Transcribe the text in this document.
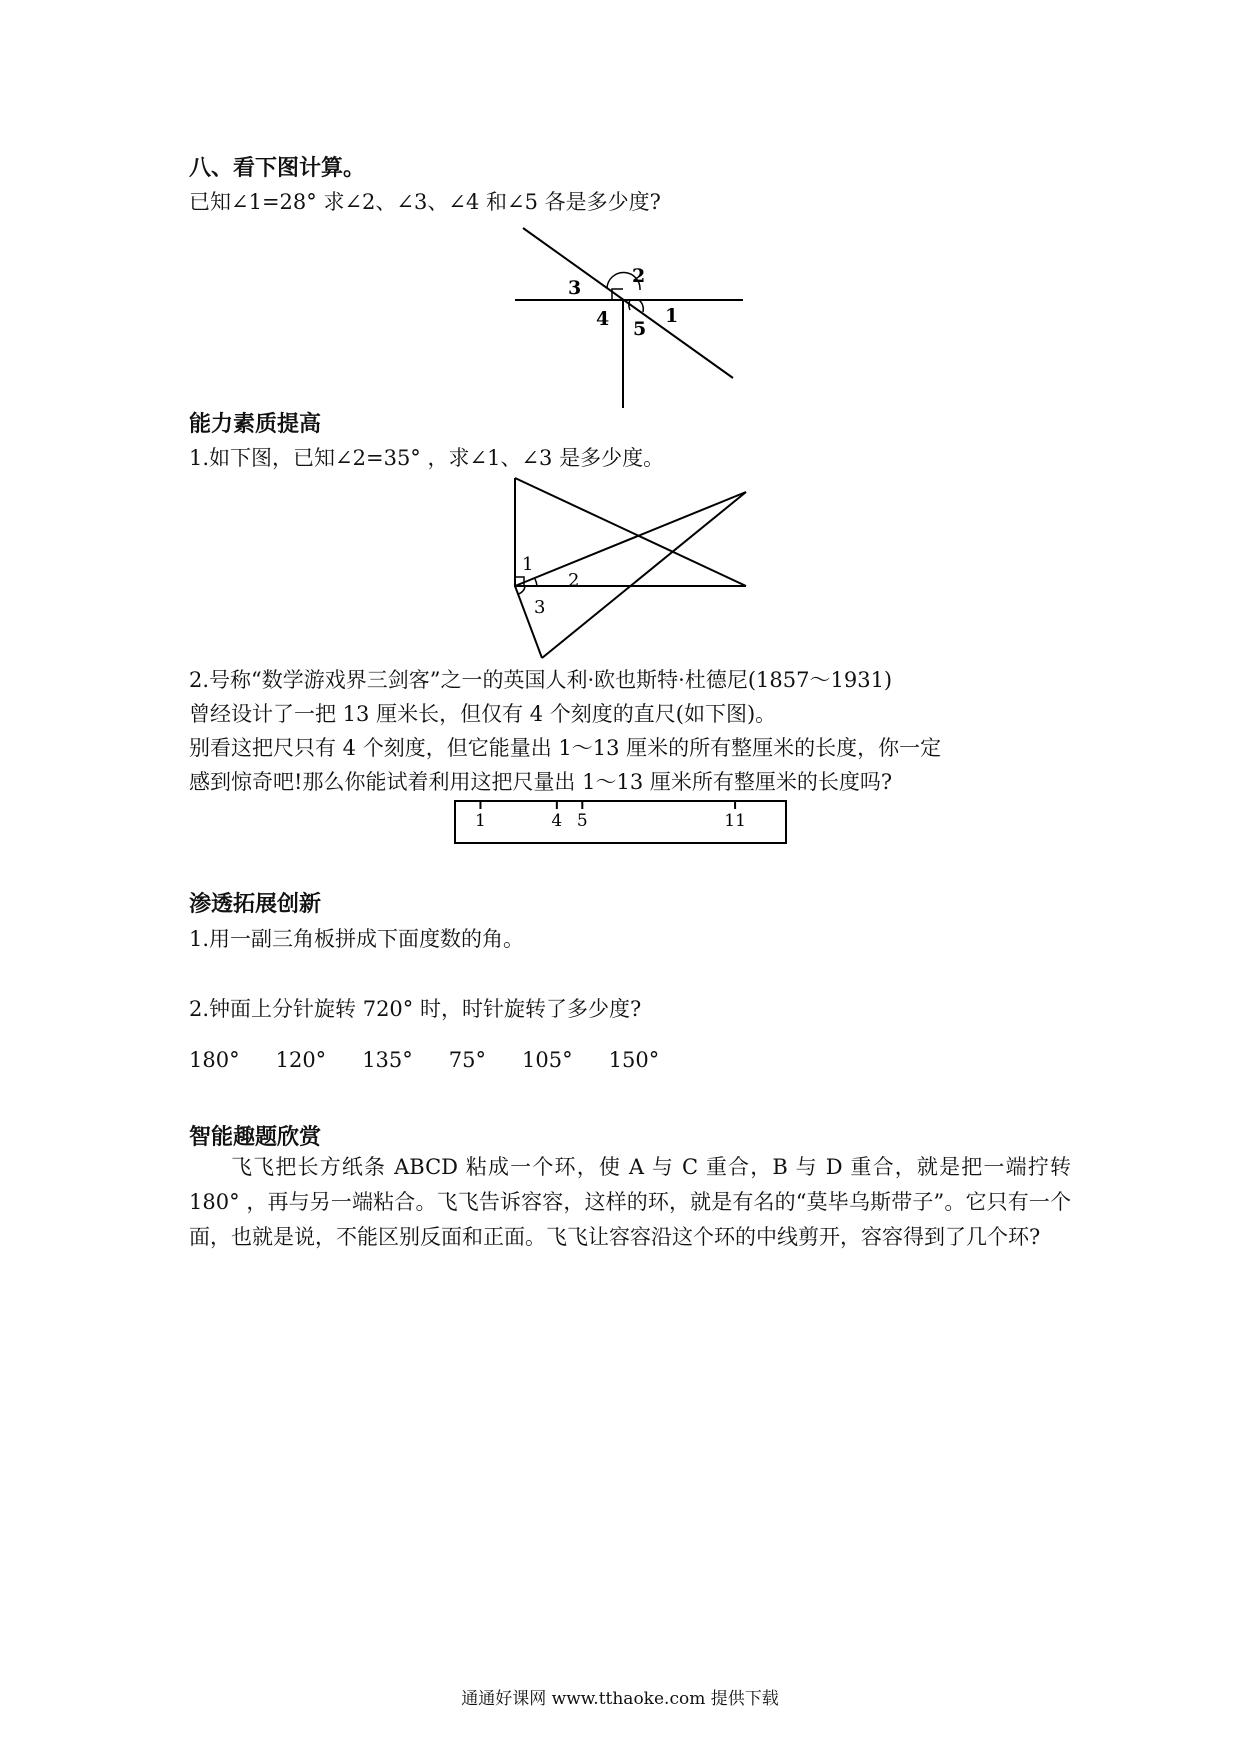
八、看下图计算。
已知∠1=28° 求∠2、∠3、∠4 和∠5 各是多少度?
3
2
4 5
1
能力素质提高
1.如下图，已知∠2=35° ，求∠1、∠3 是多少度。
1
2
3
2.号称“数学游戏界三剑客”之一的英国人利·欧也斯特·杜德尼(1857～1931)
曾经设计了一把 13 厘米长，但仅有 4 个刻度的直尺(如下图)。
别看这把尺只有 4 个刻度，但它能量出 1～13 厘米的所有整厘米的长度，你一定
感到惊奇吧!那么你能试着利用这把尺量出 1～13 厘米所有整厘米的长度吗?
1	4 5	11
渗透拓展创新
1.用一副三角板拼成下面度数的角。
180° 120° 135° 75° 105° 150°
2.钟面上分针旋转 720° 时，时针旋转了多少度?
智能趣题欣赏
飞飞把长方纸条 ABCD 粘成一个环，使 A 与 C 重合，B 与 D 重合，就是把一端拧转 180° ，再与另一端粘合。飞飞告诉容容，这样的环，就是有名的“莫毕乌斯带子”。它只有一个面，也就是说，不能区别反面和正面。飞飞让容容沿这个环的中线剪开，容容得到了几个环?
通通好课网 www.tthaoke.com 提供下载
